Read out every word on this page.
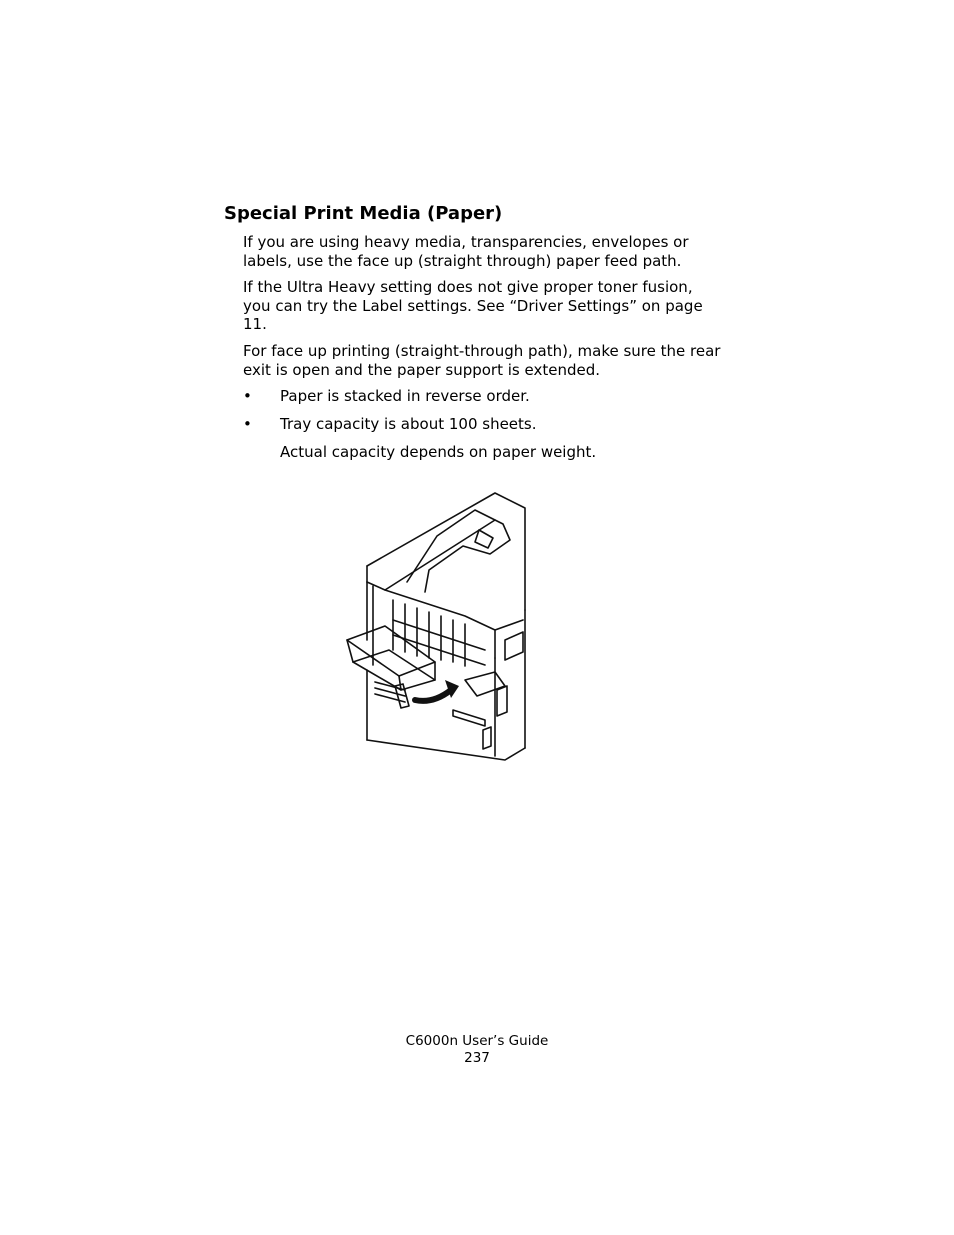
Special Print Media (Paper)

If you are using heavy media, transparencies, envelopes or labels, use the face up (straight through) paper feed path.

If the Ultra Heavy setting does not give proper toner fusion, you can try the Label settings. See “Driver Settings” on page 11.

For face up printing (straight-through path), make sure the rear exit is open and the paper support is extended.

•	Paper is stacked in reverse order.
•	Tray capacity is about 100 sheets.
Actual capacity depends on paper weight.
C6000n User’s Guide
237
